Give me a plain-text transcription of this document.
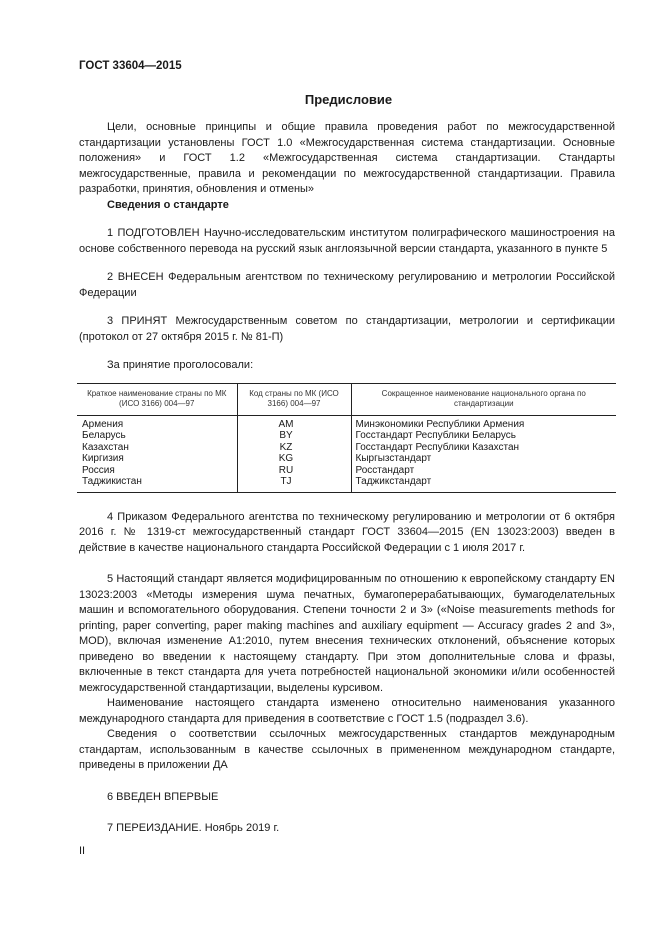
ГОСТ 33604—2015
Предисловие

Цели, основные принципы и общие правила проведения работ по межгосударственной стандартизации установлены ГОСТ 1.0 «Межгосударственная система стандартизации. Основные положения» и ГОСТ 1.2 «Межгосударственная система стандартизации. Стандарты межгосударственные, правила и рекомендации по межгосударственной стандартизации. Правила разработки, принятия, обновления и отмены»

Сведения о стандарте

1 ПОДГОТОВЛЕН Научно-исследовательским институтом полиграфического машиностроения на основе собственного перевода на русский язык англоязычной версии стандарта, указанного в пункте 5

2 ВНЕСЕН Федеральным агентством по техническому регулированию и метрологии Российской Федерации

3 ПРИНЯТ Межгосударственным советом по стандартизации, метрологии и сертификации (протокол от 27 октября 2015 г. № 81-П)

За принятие проголосовали:

Краткое наименование страны по МК (ИСО 3166) 004—97	Код страны по МК (ИСО 3166) 004—97	Сокращенное наименование национального органа по стандартизации
Армения	AM	Минэкономики Республики Армения
Беларусь	BY	Госстандарт Республики Беларусь
Казахстан	KZ	Госстандарт Республики Казахстан
Киргизия	KG	Кыргызстандарт
Россия	RU	Росстандарт
Таджикистан	TJ	Таджикстандарт

4 Приказом Федерального агентства по техническому регулированию и метрологии от 6 октября 2016 г. № 1319-ст межгосударственный стандарт ГОСТ 33604—2015 (EN 13023:2003) введен в действие в качестве национального стандарта Российской Федерации с 1 июля 2017 г.

5 Настоящий стандарт является модифицированным по отношению к европейскому стандарту EN 13023:2003 «Методы измерения шума печатных, бумагоперерабатывающих, бумагоделательных машин и вспомогательного оборудования. Степени точности 2 и 3» («Noise measurements methods for printing, paper converting, paper making machines and auxiliary equipment — Accuracy grades 2 and 3», MOD), включая изменение A1:2010, путем внесения технических отклонений, объяснение которых приведено во введении к настоящему стандарту. При этом дополнительные слова и фразы, включенные в текст стандарта для учета потребностей национальной экономики и/или особенностей межгосударственной стандартизации, выделены курсивом.

Наименование настоящего стандарта изменено относительно наименования указанного международного стандарта для приведения в соответствие с ГОСТ 1.5 (подраздел 3.6).

Сведения о соответствии ссылочных межгосударственных стандартов международным стандартам, использованным в качестве ссылочных в примененном международном стандарте, приведены в приложении ДА

6 ВВЕДЕН ВПЕРВЫЕ

7 ПЕРЕИЗДАНИЕ. Ноябрь 2019 г.

II
